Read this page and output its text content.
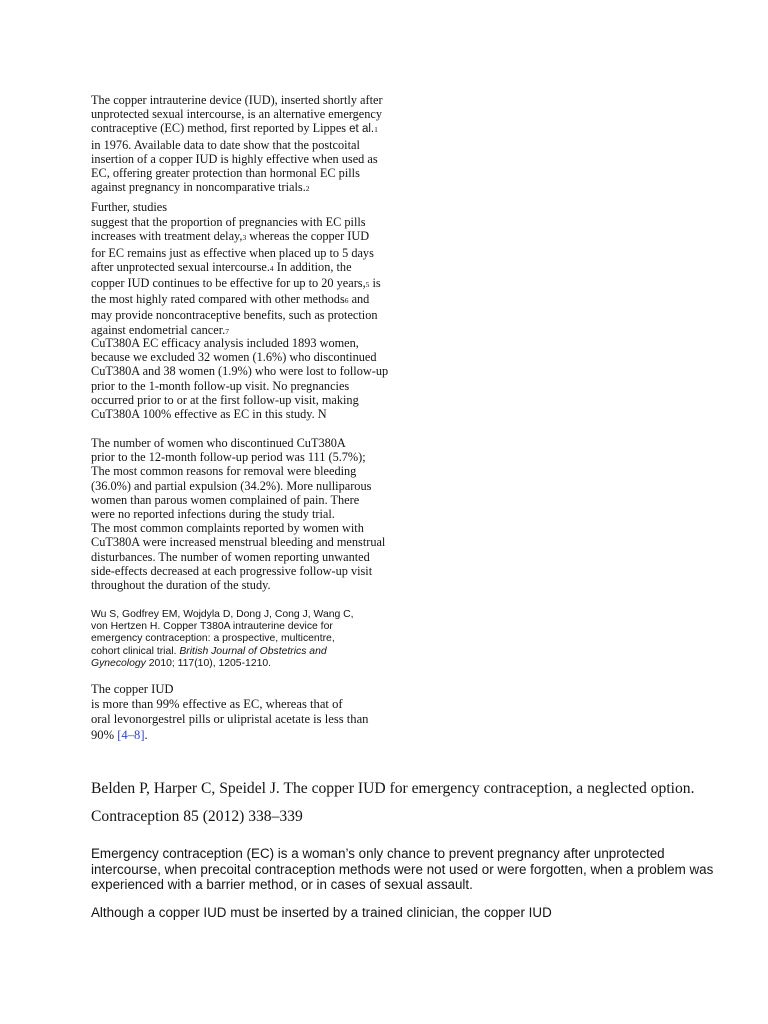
The copper intrauterine device (IUD), inserted shortly after
unprotected sexual intercourse, is an alternative emergency
contraceptive (EC) method, first reported by Lippes et al.1
in 1976. Available data to date show that the postcoital
insertion of a copper IUD is highly effective when used as
EC, offering greater protection than hormonal EC pills
against pregnancy in noncomparative trials.2
Further, studies
suggest that the proportion of pregnancies with EC pills
increases with treatment delay,3 whereas the copper IUD
for EC remains just as effective when placed up to 5 days
after unprotected sexual intercourse.4 In addition, the
copper IUD continues to be effective for up to 20 years,5 is
the most highly rated compared with other methods6 and
may provide noncontraceptive benefits, such as protection
against endometrial cancer.7
CuT380A EC efficacy analysis included 1893 women,
because we excluded 32 women (1.6%) who discontinued
CuT380A and 38 women (1.9%) who were lost to follow-up
prior to the 1-month follow-up visit. No pregnancies
occurred prior to or at the first follow-up visit, making
CuT380A 100% effective as EC in this study. N
The number of women who discontinued CuT380A
prior to the 12-month follow-up period was 111 (5.7%);
The most common reasons for removal were bleeding
(36.0%) and partial expulsion (34.2%). More nulliparous
women than parous women complained of pain. There
were no reported infections during the study trial.
The most common complaints reported by women with
CuT380A were increased menstrual bleeding and menstrual
disturbances. The number of women reporting unwanted
side-effects decreased at each progressive follow-up visit
throughout the duration of the study.
Wu S, Godfrey EM, Wojdyla D, Dong J, Cong J, Wang C,
von Hertzen H. Copper T380A intrauterine device for
emergency contraception: a prospective, multicentre,
cohort clinical trial. British Journal of Obstetrics and
Gynecology 2010; 117(10), 1205-1210.
The copper IUD
is more than 99% effective as EC, whereas that of
oral levonorgestrel pills or ulipristal acetate is less than
90% [4–8].
Belden P, Harper C, Speidel J. The copper IUD for emergency contraception, a neglected option.
Contraception 85 (2012) 338–339
Emergency contraception (EC) is a woman’s only chance to prevent pregnancy after unprotected
intercourse, when precoital contraception methods were not used or were forgotten, when a problem was
experienced with a barrier method, or in cases of sexual assault.
Although a copper IUD must be inserted by a trained clinician, the copper IUD
